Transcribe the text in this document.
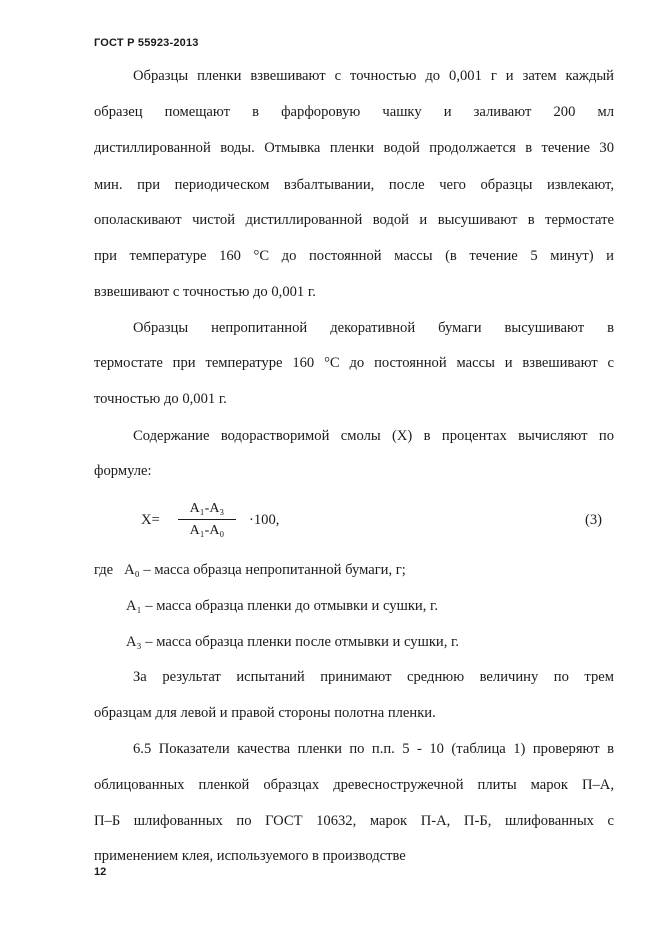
ГОСТ Р 55923-2013
Образцы пленки взвешивают с точностью до 0,001 г и затем каждый
образец помещают в фарфоровую чашку и заливают 200 мл
дистиллированной воды. Отмывка пленки водой продолжается в течение 30
мин. при периодическом взбалтывании, после чего образцы извлекают,
ополаскивают чистой дистиллированной водой и высушивают в термостате
при температуре 160 °С до постоянной массы (в течение 5 минут) и
взвешивают с точностью до 0,001 г.
Образцы непропитанной декоративной бумаги высушивают в
термостате при температуре 160 °С до постоянной массы и взвешивают с
точностью до 0,001 г.
Содержание водорастворимой смолы (X) в процентах вычисляют по
формуле:
X=
A₁-A₃
A₁-A₀
·100,	(3)
где   А₀ – масса образца непропитанной бумаги, г;
А₁ – масса образца пленки до отмывки и сушки, г.
А₃ – масса образца пленки после отмывки и сушки, г.
За результат испытаний принимают среднюю величину по трем
образцам для левой и правой стороны полотна пленки.
6.5 Показатели качества пленки по п.п. 5 - 10 (таблица 1) проверяют в
облицованных пленкой образцах древесностружечной плиты марок П–А,
П–Б шлифованных по ГОСТ 10632, марок П-А, П-Б, шлифованных с
применением клея, используемого в производстве
12
